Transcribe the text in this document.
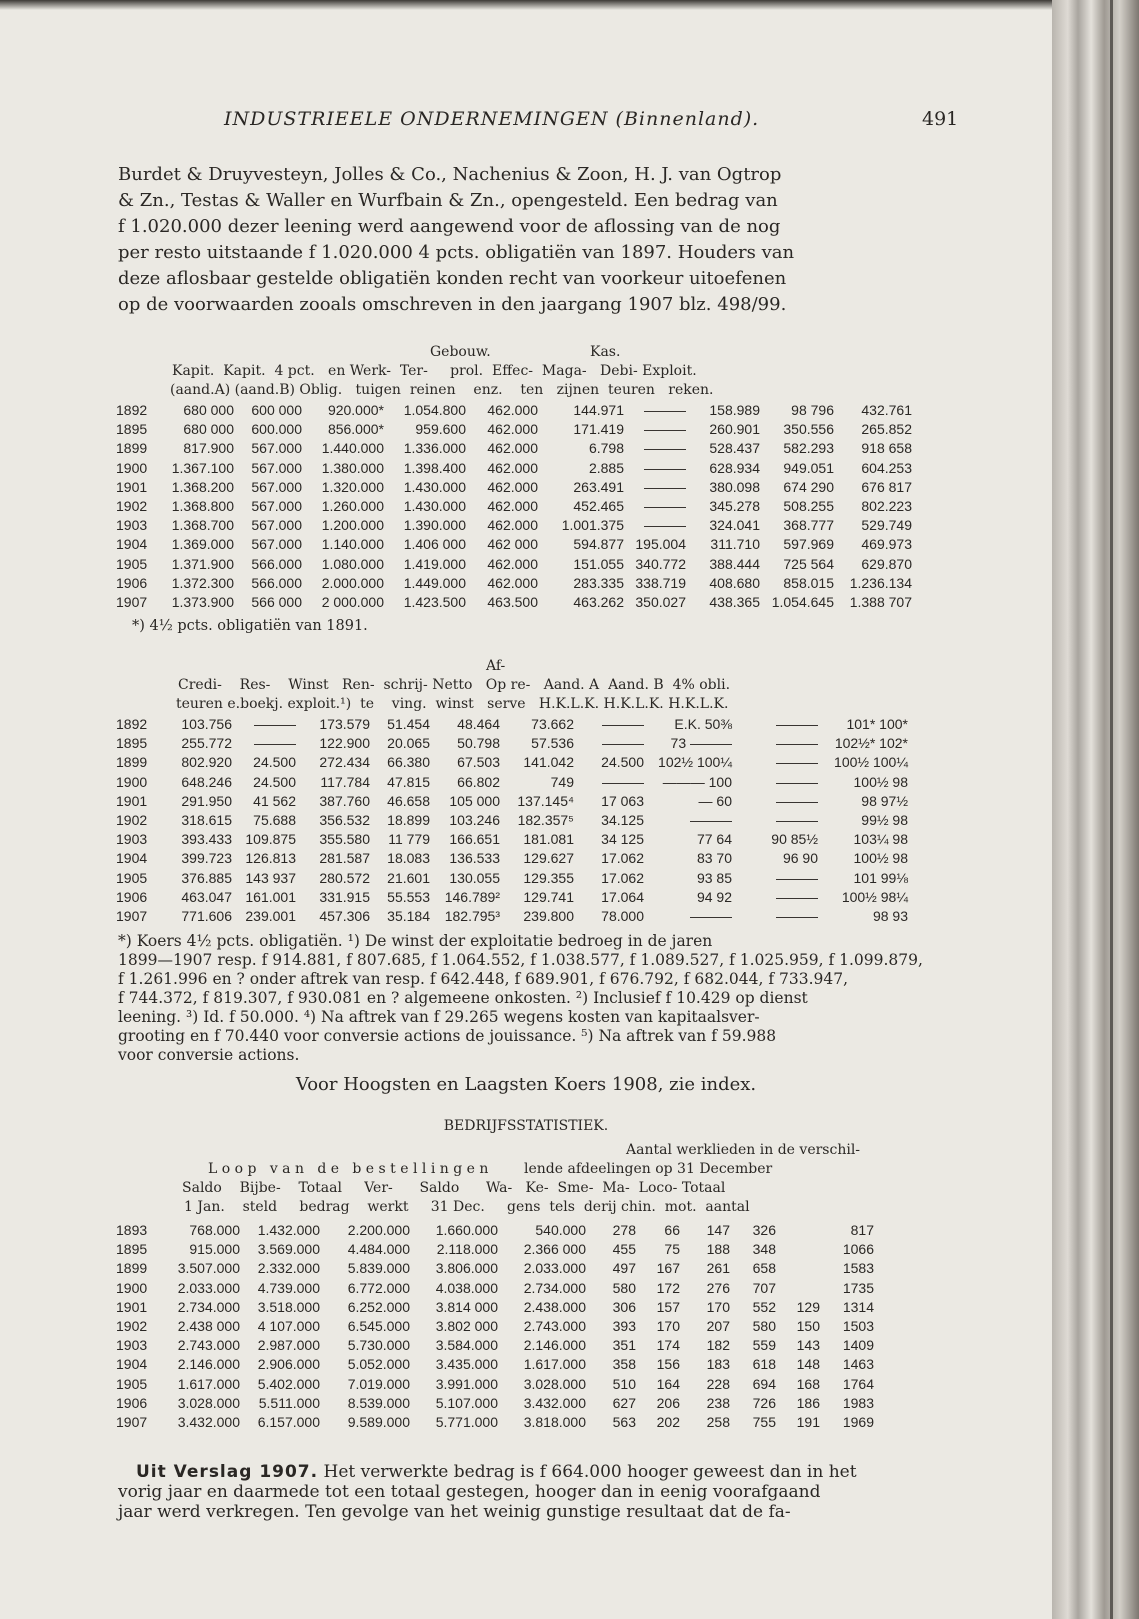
INDUSTRIEELE ONDERNEMINGEN (Binnenland).	491
Burdet & Druyvesteyn, Jolles & Co., Nachenius & Zoon, H. J. van Ogtrop
& Zn., Testas & Waller en Wurfbain & Zn., opengesteld. Een bedrag van
f 1.020.000 dezer leening werd aangewend voor de aflossing van de nog
per resto uitstaande f 1.020.000 4 pcts. obligatiën van 1897. Houders van
deze aflosbaar gestelde obligatiën konden recht van voorkeur uitoefenen
op de voorwaarden zooals omschreven in den jaargang 1907 blz. 498/99.
Gebouw.	Kas.
Kapit.  Kapit.  4 pct.   en Werk-  Ter-     prol.  Effec-  Maga-   Debi- Exploit.
(aand.A) (aand.B) Oblig.   tuigen  reinen    enz.    ten   zijnen  teuren   reken.
1892	680 000	600 000	920.000*	1.054.800	462.000	144.971	———	158.989	98 796	432.761
1895	680 000	600.000	856.000*	959.600	462.000	171.419	———	260.901	350.556	265.852
1899	817.900	567.000	1.440.000	1.336.000	462.000	6.798	———	528.437	582.293	918 658
1900	1.367.100	567.000	1.380.000	1.398.400	462.000	2.885	———	628.934	949.051	604.253
1901	1.368.200	567.000	1.320.000	1.430.000	462.000	263.491	———	380.098	674 290	676 817
1902	1.368.800	567.000	1.260.000	1.430.000	462.000	452.465	———	345.278	508.255	802.223
1903	1.368.700	567.000	1.200.000	1.390.000	462.000	1.001.375	———	324.041	368.777	529.749
1904	1.369.000	567.000	1.140.000	1.406 000	462 000	594.877	195.004	311.710	597.969	469.973
1905	1.371.900	566.000	1.080.000	1.419.000	462.000	151.055	340.772	388.444	725 564	629.870
1906	1.372.300	566.000	2.000.000	1.449.000	462.000	283.335	338.719	408.680	858.015	1.236.134
1907	1.373.900	566 000	2 000.000	1.423.500	463.500	463.262	350.027	438.365	1.054.645	1.388 707
*) 4½ pcts. obligatiën van 1891.
Af-
Credi-    Res-    Winst   Ren-  schrij- Netto   Op re-   Aand. A  Aand. B  4% obli.
teuren e.boekj. exploit.¹)  te    ving.  winst   serve   H.K.L.K. H.K.L.K. H.K.L.K.
1892	103.756	———	173.579	51.454	48.464	73.662	———	E.K. 50⅜	———	101* 100*
1895	255.772	———	122.900	20.065	50.798	57.536	———	73 ———	———	102½* 102*
1899	802.920	24.500	272.434	66.380	67.503	141.042	24.500	102½ 100¼	———	100½ 100¼
1900	648.246	24.500	117.784	47.815	66.802	749	———	——— 100	———	100½ 98
1901	291.950	41 562	387.760	46.658	105 000	137.145⁴	17 063	— 60	———	98 97½
1902	318.615	75.688	356.532	18.899	103.246	182.357⁵	34.125	———	———	99½ 98
1903	393.433	109.875	355.580	11 779	166.651	181.081	34 125	77 64	90 85½	103¼ 98
1904	399.723	126.813	281.587	18.083	136.533	129.627	17.062	83 70	96 90	100½ 98
1905	376.885	143 937	280.572	21.601	130.055	129.355	17.062	93 85	———	101 99⅛
1906	463.047	161.001	331.915	55.553	146.789²	129.741	17.064	94 92	———	100½ 98¼
1907	771.606	239.001	457.306	35.184	182.795³	239.800	78.000	———	———	98 93
*) Koers 4½ pcts. obligatiën. ¹) De winst der exploitatie bedroeg in de jaren
1899—1907 resp. f 914.881, f 807.685, f 1.064.552, f 1.038.577, f 1.089.527, f 1.025.959, f 1.099.879,
f 1.261.996 en ? onder aftrek van resp. f 642.448, f 689.901, f 676.792, f 682.044, f 733.947,
f 744.372, f 819.307, f 930.081 en ? algemeene onkosten. ²) Inclusief f 10.429 op dienst
leening. ³) Id. f 50.000. ⁴) Na aftrek van f 29.265 wegens kosten van kapitaalsver-
grooting en f 70.440 voor conversie actions de jouissance. ⁵) Na aftrek van f 59.988
voor conversie actions.
Voor Hoogsten en Laagsten Koers 1908, zie index.
BEDRIJFSSTATISTIEK.
Aantal werklieden in de verschil-
L o o p   v a n   d e   b e s t e l l i n g e n        lende afdeelingen op 31 December
Saldo    Bijbe-    Totaal     Ver-      Saldo      Wa-   Ke-  Sme-  Ma-  Loco- Totaal
1 Jan.    steld     bedrag    werkt     31 Dec.     gens  tels  derij chin.  mot.  aantal
1893	768.000	1.432.000	2.200.000	1.660.000	540.000	278	66	147	326		817
1895	915.000	3.569.000	4.484.000	2.118.000	2.366 000	455	75	188	348		1066
1899	3.507.000	2.332.000	5.839.000	3.806.000	2.033.000	497	167	261	658		1583
1900	2.033.000	4.739.000	6.772.000	4.038.000	2.734.000	580	172	276	707		1735
1901	2.734.000	3.518.000	6.252.000	3.814 000	2.438.000	306	157	170	552	129	1314
1902	2.438 000	4 107.000	6.545.000	3.802 000	2.743.000	393	170	207	580	150	1503
1903	2.743.000	2.987.000	5.730.000	3.584.000	2.146.000	351	174	182	559	143	1409
1904	2.146.000	2.906.000	5.052.000	3.435.000	1.617.000	358	156	183	618	148	1463
1905	1.617.000	5.402.000	7.019.000	3.991.000	3.028.000	510	164	228	694	168	1764
1906	3.028.000	5.511.000	8.539.000	5.107.000	3.432.000	627	206	238	726	186	1983
1907	3.432.000	6.157.000	9.589.000	5.771.000	3.818.000	563	202	258	755	191	1969
Uit Verslag 1907. Het verwerkte bedrag is f 664.000 hooger geweest dan in het
vorig jaar en daarmede tot een totaal gestegen, hooger dan in eenig voorafgaand
jaar werd verkregen. Ten gevolge van het weinig gunstige resultaat dat de fa-
